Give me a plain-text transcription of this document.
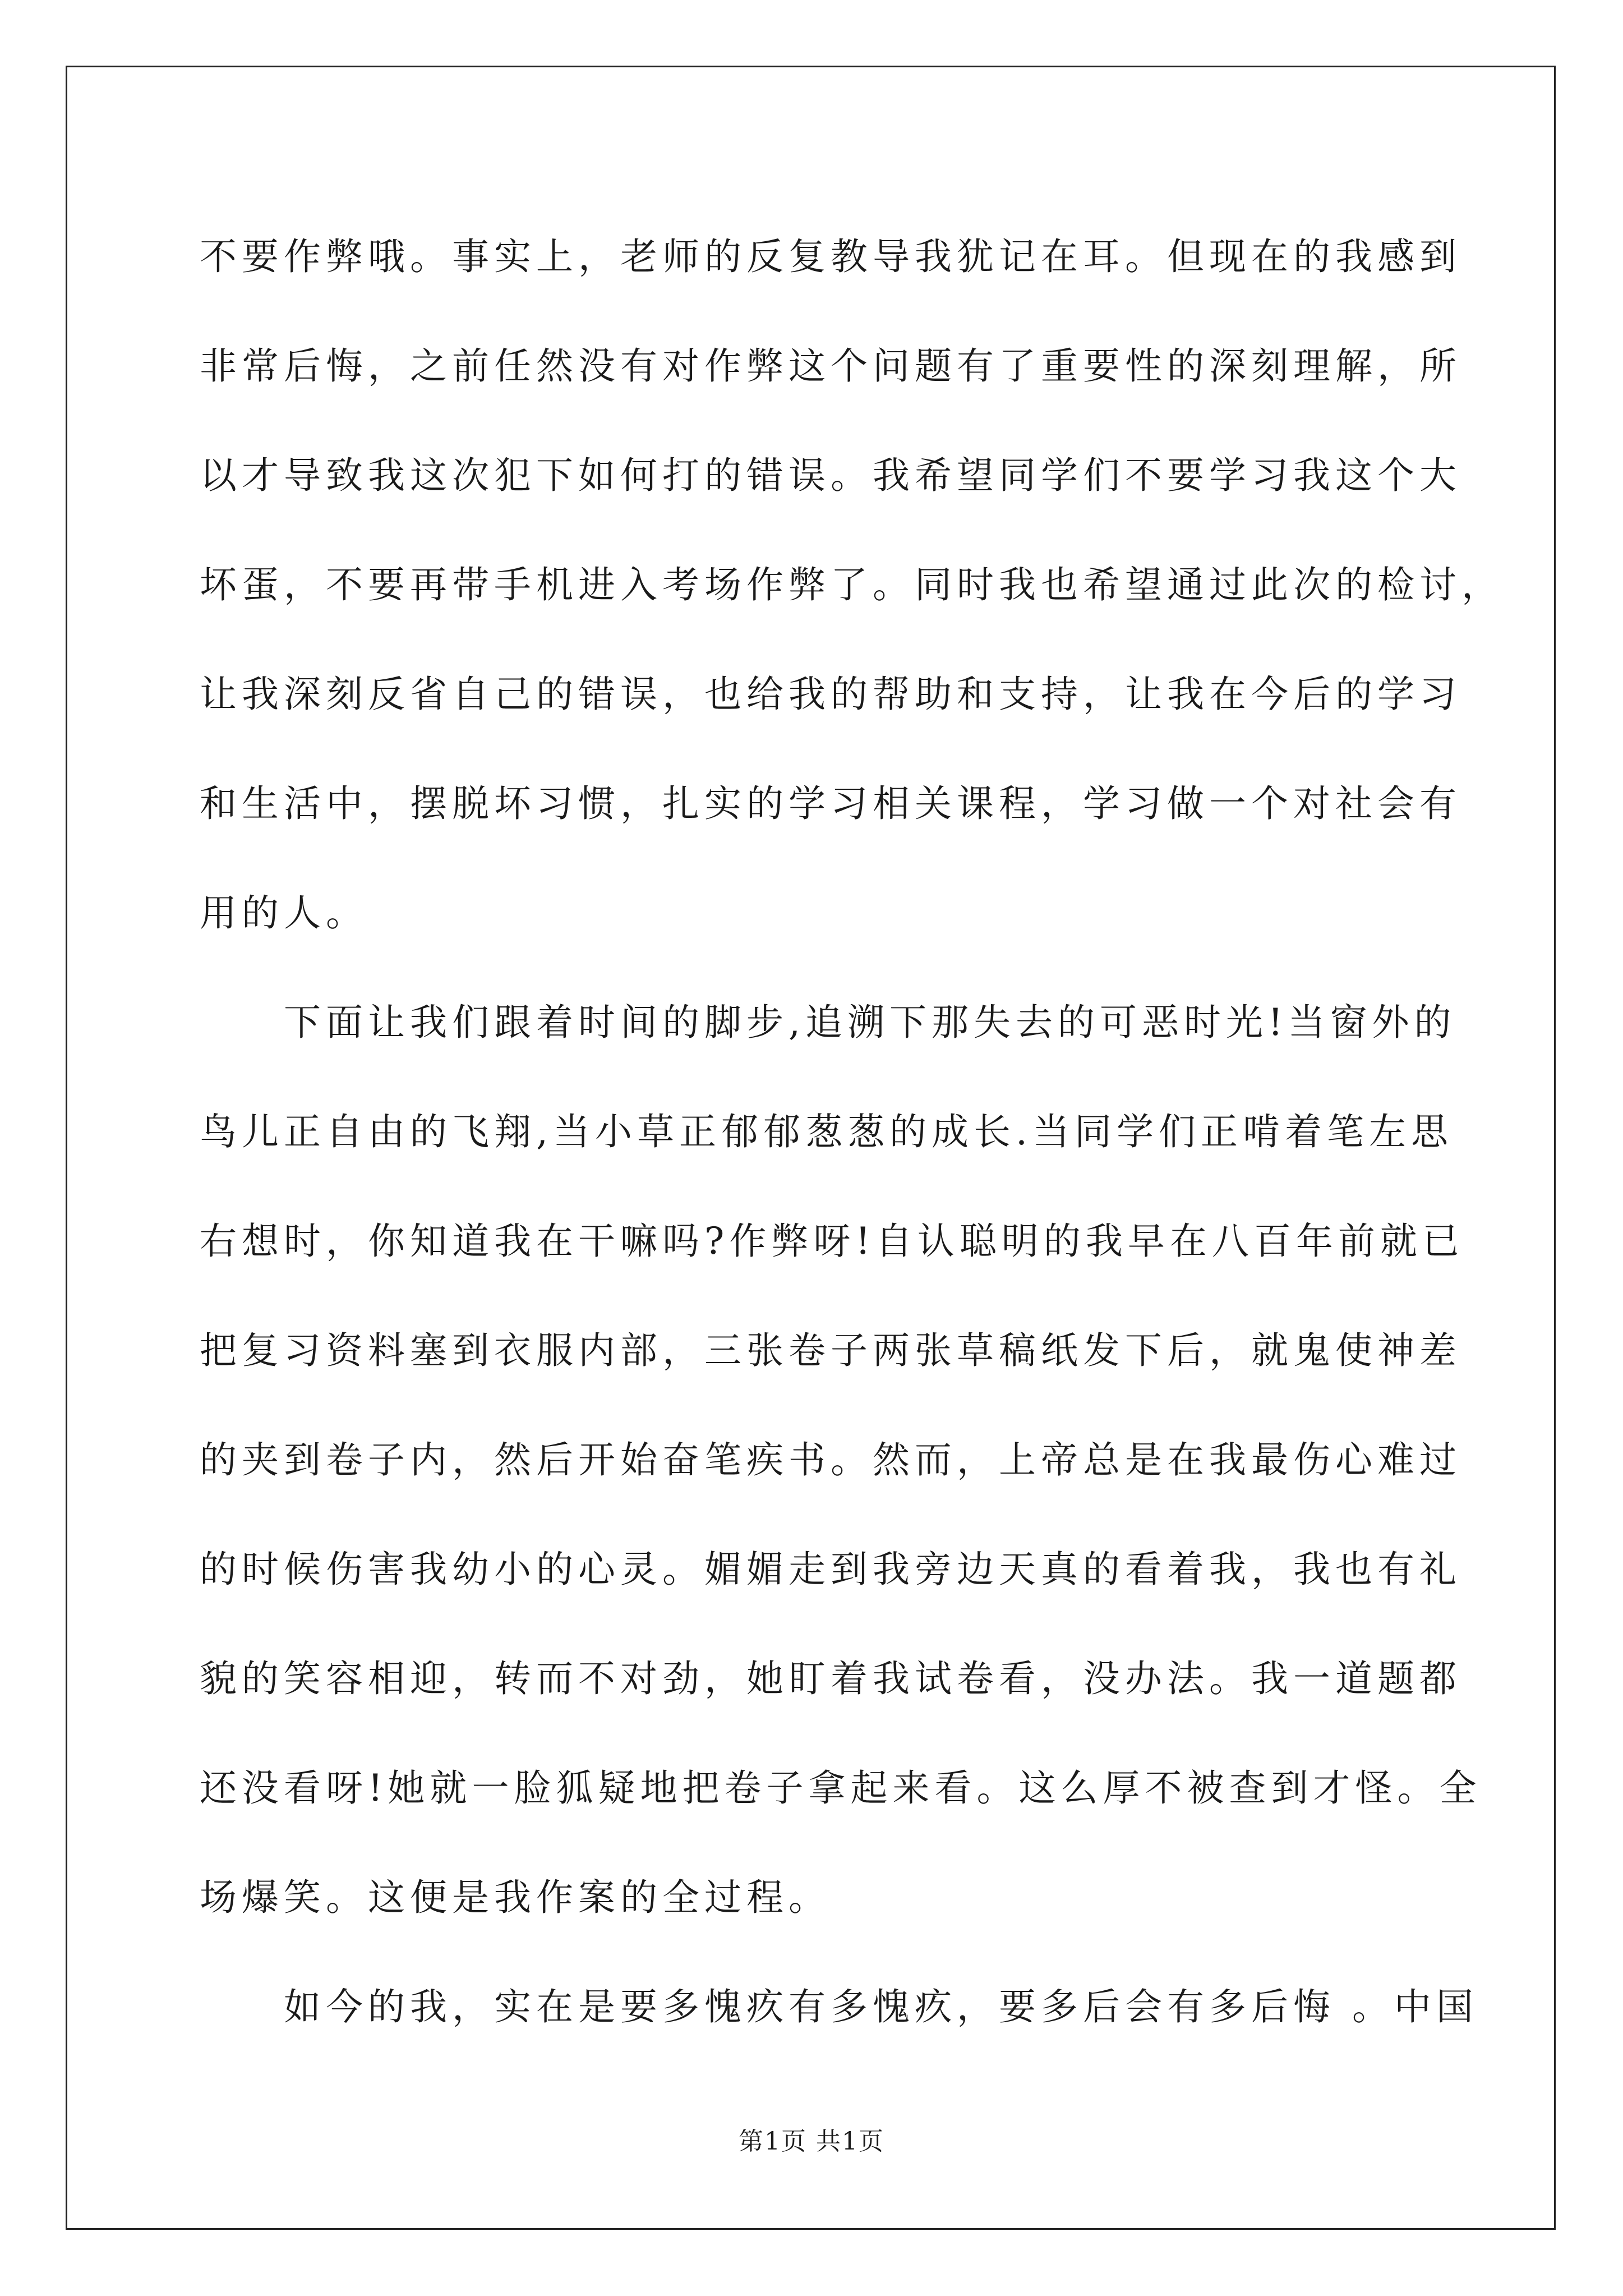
不要作弊哦。事实上，老师的反复教导我犹记在耳。但现在的我感到
非常后悔，之前任然没有对作弊这个问题有了重要性的深刻理解，所
以才导致我这次犯下如何打的错误。我希望同学们不要学习我这个大
坏蛋，不要再带手机进入考场作弊了。同时我也希望通过此次的检讨，
让我深刻反省自己的错误，也给我的帮助和支持，让我在今后的学习
和生活中，摆脱坏习惯，扎实的学习相关课程，学习做一个对社会有
用的人。
下面让我们跟着时间的脚步,追溯下那失去的可恶时光!当窗外的
鸟儿正自由的飞翔,当小草正郁郁葱葱的成长.当同学们正啃着笔左思
右想时，你知道我在干嘛吗?作弊呀!自认聪明的我早在八百年前就已
把复习资料塞到衣服内部，三张卷子两张草稿纸发下后，就鬼使神差
的夹到卷子内，然后开始奋笔疾书。然而，上帝总是在我最伤心难过
的时候伤害我幼小的心灵。媚媚走到我旁边天真的看着我，我也有礼
貌的笑容相迎，转而不对劲，她盯着我试卷看，没办法。我一道题都
还没看呀!她就一脸狐疑地把卷子拿起来看。这么厚不被查到才怪。全
场爆笑。这便是我作案的全过程。
如今的我，实在是要多愧疚有多愧疚，要多后会有多后悔 。中国
第1页 共1页
